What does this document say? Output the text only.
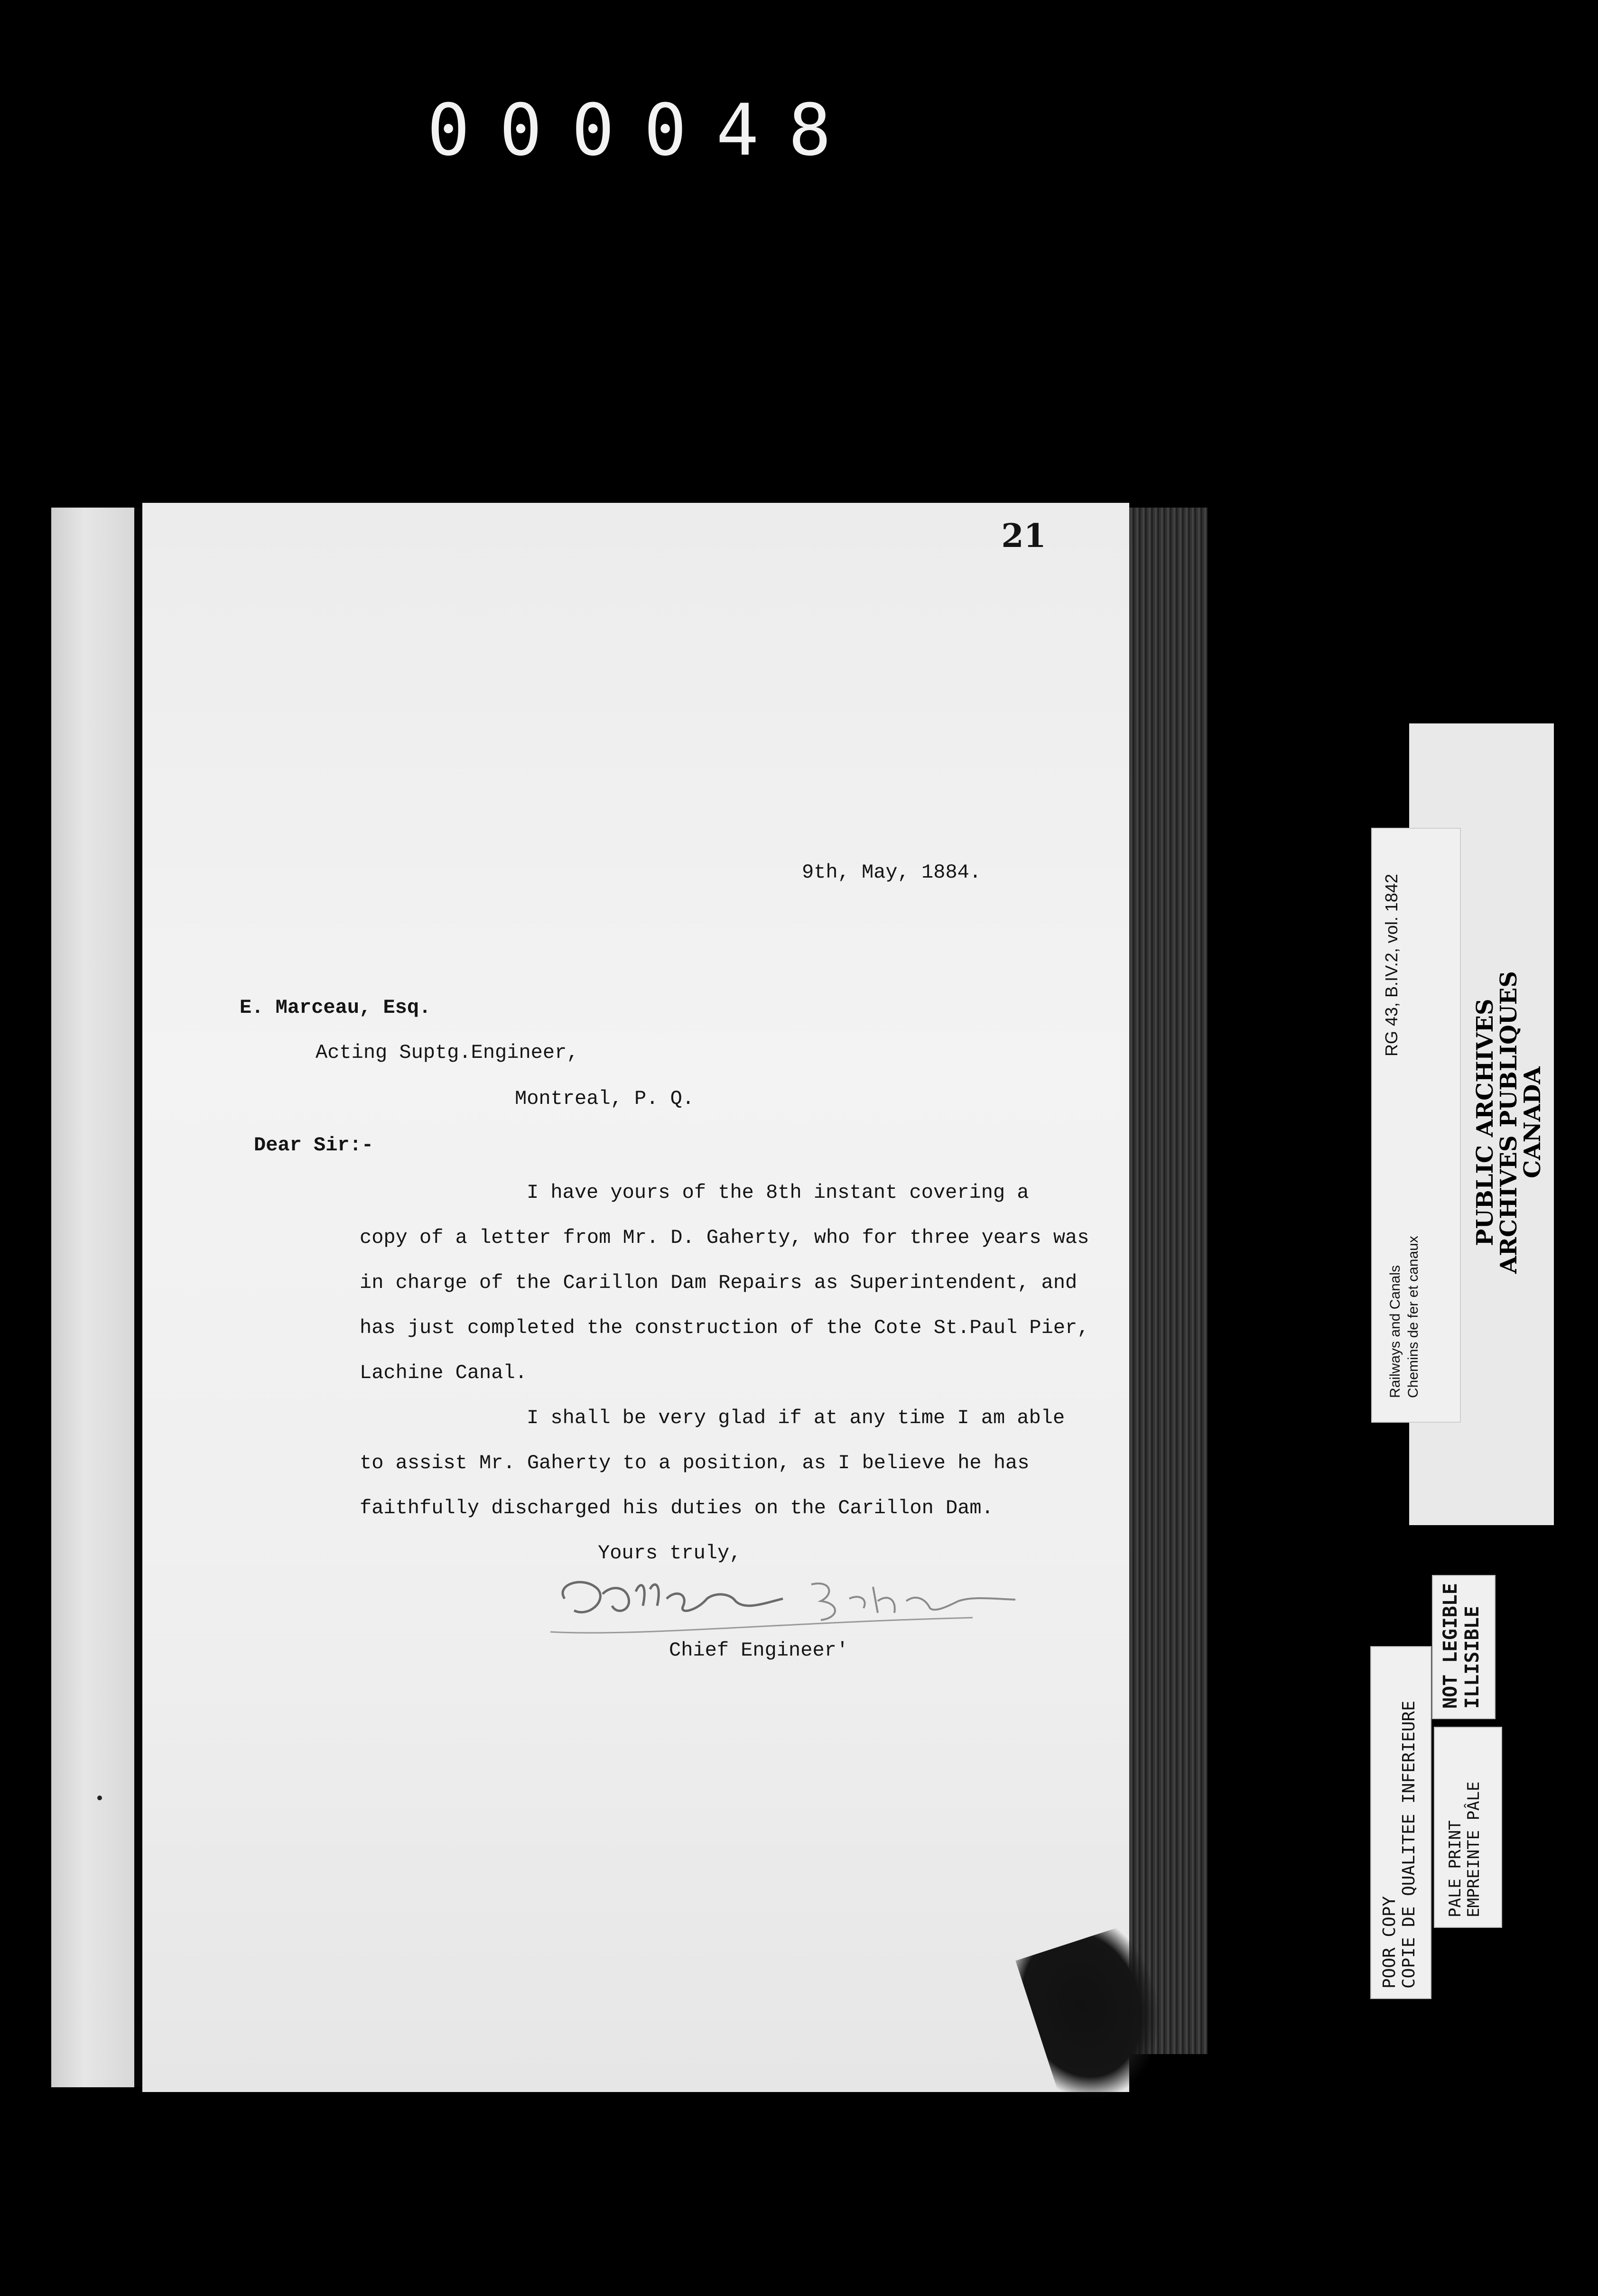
000048
21
9th, May, 1884.
E. Marceau, Esq.
Acting Suptg.Engineer,
Montreal, P. Q.
Dear Sir:-
I have yours of the 8th instant covering a
copy of a letter from Mr. D. Gaherty, who for three years was
in charge of the Carillon Dam Repairs as Superintendent, and
has just completed the construction of the Cote St.Paul Pier,
Lachine Canal.
I shall be very glad if at any time I am able
to assist Mr. Gaherty to a position, as I believe he has
faithfully discharged his duties on the Carillon Dam.
Yours truly,
Chief Engineer'
PUBLIC ARCHIVES
ARCHIVES PUBLIQUES
CANADA
RG 43, B.IV.2, vol. 1842
Railways and Canals Chemins de fer et canaux
POOR COPY COPIE DE QUALITEE INFERIEURE
NOT LEGIBLE ILLISIBLE
PALE PRINT EMPREINTE PÂLE
